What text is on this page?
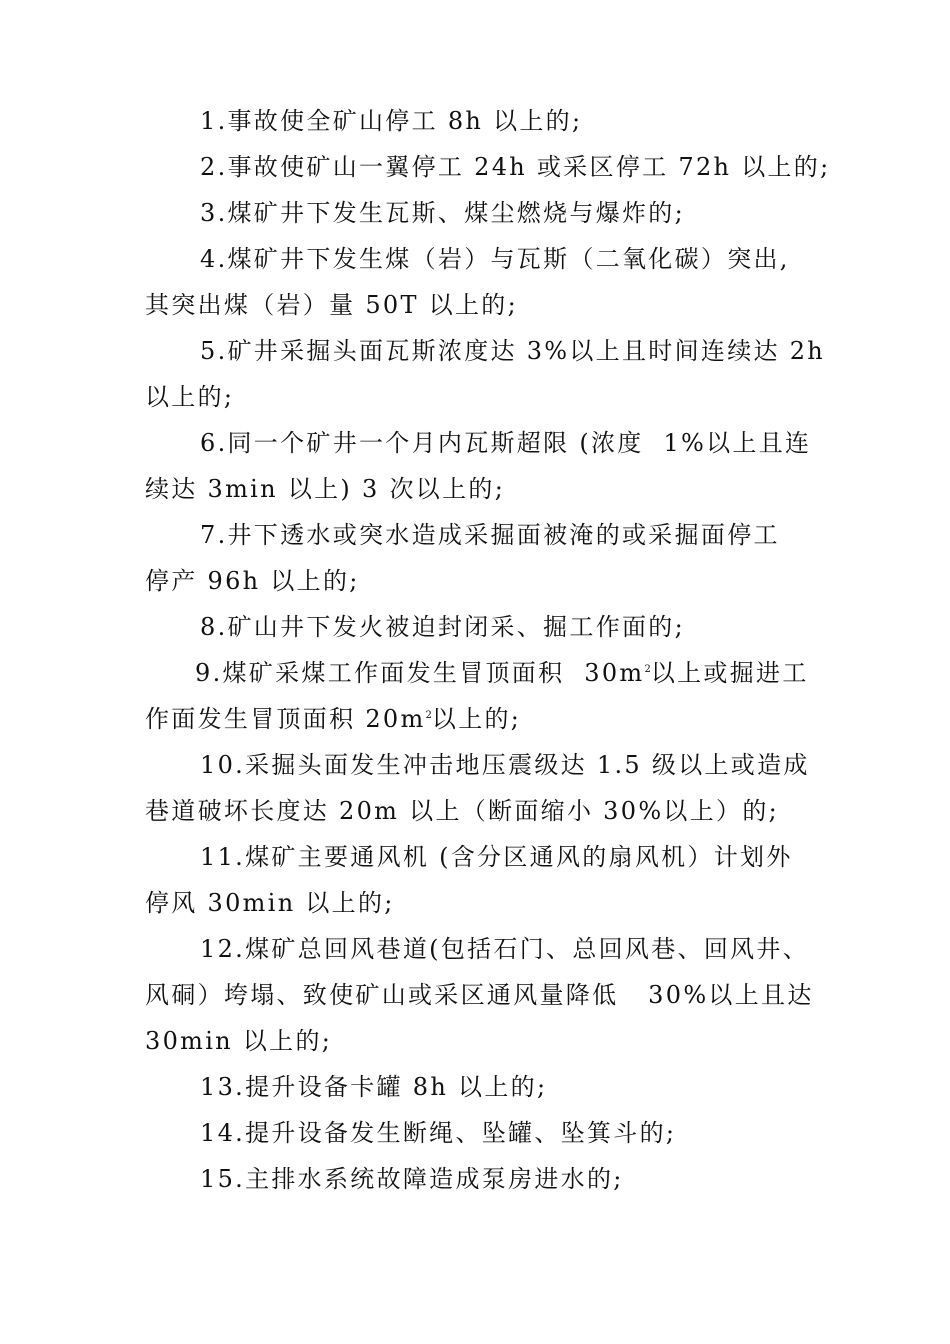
1.事故使全矿山停工 8h 以上的;
2.事故使矿山一翼停工 24h 或采区停工 72h 以上的;
3.煤矿井下发生瓦斯、煤尘燃烧与爆炸的;
4.煤矿井下发生煤（岩）与瓦斯（二氧化碳）突出,
其突出煤（岩）量 50T 以上的;
5.矿井采掘头面瓦斯浓度达 3%以上且时间连续达 2h
以上的;
6.同一个矿井一个月内瓦斯超限 (浓度  1%以上且连
续达 3min 以上) 3 次以上的;
7.井下透水或突水造成采掘面被淹的或采掘面停工
停产 96h 以上的;
8.矿山井下发火被迫封闭采、掘工作面的;
9.煤矿采煤工作面发生冒顶面积  $30m^2$以上或掘进工
作面发生冒顶面积 $20m^2$以上的;
10.采掘头面发生冲击地压震级达 1.5 级以上或造成
巷道破坏长度达 20m 以上（断面缩小 30%以上）的;
11.煤矿主要通风机 (含分区通风的扇风机）计划外
停风 30min 以上的;
12.煤矿总回风巷道(包括石门、总回风巷、回风井、
风硐）垮塌、致使矿山或采区通风量降低   30%以上且达
30min 以上的;
13.提升设备卡罐 8h 以上的;
14.提升设备发生断绳、坠罐、坠箕斗的;
15.主排水系统故障造成泵房进水的;
